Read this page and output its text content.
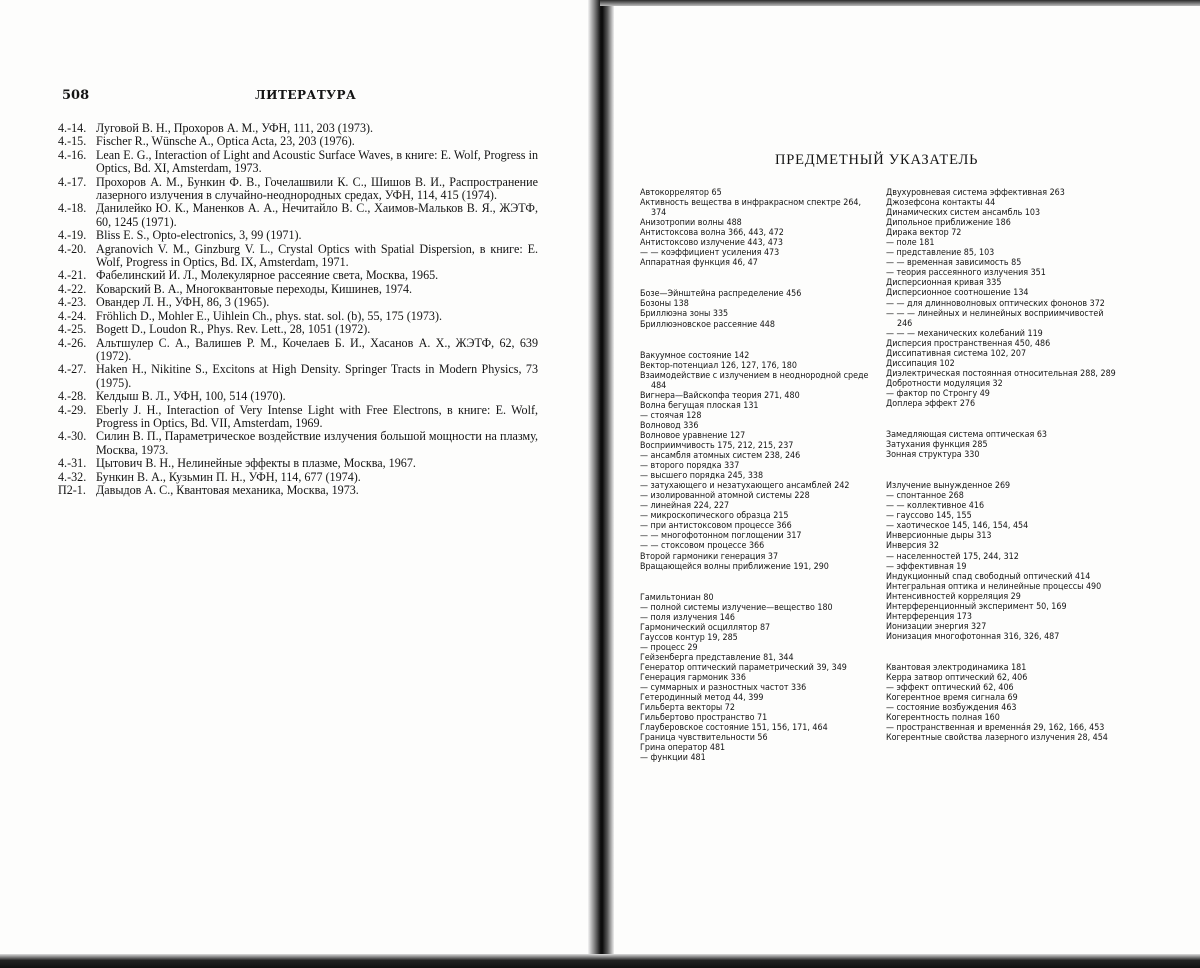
508	ЛИТЕРАТУРА
4.-14. Луговой В. Н., Прохоров А. М., УФН, 111, 203 (1973).
4.-15. Fischer R., Wünsche A., Optica Acta, 23, 203 (1976).
4.-16. Lean E. G., Interaction of Light and Acoustic Surface Waves, в книге: E. Wolf, Progress in Optics, Bd. XI, Amsterdam, 1973.
4.-17. Прохоров А. М., Бункин Ф. В., Гочелашвили К. С., Шишов В. И., Распространение лазерного излучения в случайно-неоднородных средах, УФН, 114, 415 (1974).
4.-18. Данилейко Ю. К., Маненков А. А., Нечитайло В. С., Хаимов-Мальков В. Я., ЖЭТФ, 60, 1245 (1971).
4.-19. Bliss E. S., Opto-electronics, 3, 99 (1971).
4.-20. Agranovich V. M., Ginzburg V. L., Crystal Optics with Spatial Dispersion, в книге: E. Wolf, Progress in Optics, Bd. IX, Amsterdam, 1971.
4.-21. Фабелинский И. Л., Молекулярное рассеяние света, Москва, 1965.
4.-22. Коварский В. А., Многоквантовые переходы, Кишинев, 1974.
4.-23. Овандер Л. Н., УФН, 86, 3 (1965).
4.-24. Fröhlich D., Mohler E., Uihlein Ch., phys. stat. sol. (b), 55, 175 (1973).
4.-25. Bogett D., Loudon R., Phys. Rev. Lett., 28, 1051 (1972).
4.-26. Альтшулер С. А., Валишев Р. М., Кочелаев Б. И., Хасанов А. Х., ЖЭТФ, 62, 639 (1972).
4.-27. Haken H., Nikitine S., Excitons at High Density. Springer Tracts in Modern Physics, 73 (1975).
4.-28. Келдыш В. Л., УФН, 100, 514 (1970).
4.-29. Eberly J. H., Interaction of Very Intense Light with Free Electrons, в книге: E. Wolf, Progress in Optics, Bd. VII, Amsterdam, 1969.
4.-30. Силин В. П., Параметрическое воздействие излучения большой мощности на плазму, Москва, 1973.
4.-31. Цытович В. Н., Нелинейные эффекты в плазме, Москва, 1967.
4.-32. Бункин В. А., Кузьмин П. Н., УФН, 114, 677 (1974).
П2-1. Давыдов А. С., Квантовая механика, Москва, 1973.
ПРЕДМЕТНЫЙ УКАЗАТЕЛЬ
Автокоррелятор 65
Активность вещества в инфракрасном спектре 264, 374
Анизотропии волны 488
Антистоксова волна 366, 443, 472
Антистоксово излучение 443, 473
— — коэффициент усиления 473
Аппаратная функция 46, 47
Бозе—Эйнштейна распределение 456
Бозоны 138
Бриллюэна зоны 335
Бриллюэновское рассеяние 448
Вакуумное состояние 142
Вектор-потенциал 126, 127, 176, 180
Взаимодействие с излучением в неоднородной среде 484
Вигнера—Вайскопфа теория 271, 480
Волна бегущая плоская 131
— стоячая 128
Волновод 336
Волновое уравнение 127
Восприимчивость 175, 212, 215, 237
— ансамбля атомных систем 238, 246
— второго порядка 337
— высшего порядка 245, 338
— затухающего и незатухающего ансамблей 242
— изолированной атомной системы 228
— линейная 224, 227
— микроскопического образца 215
— при антистоксовом процессе 366
— — многофотонном поглощении 317
— — стоксовом процессе 366
Второй гармоники генерация 37
Вращающейся волны приближение 191, 290
Гамильтониан 80
— полной системы излучение—вещество 180
— поля излучения 146
Гармонический осциллятор 87
Гауссов контур 19, 285
— процесс 29
Гейзенберга представление 81, 344
Генератор оптический параметрический 39, 349
Генерация гармоник 336
— суммарных и разностных частот 336
Гетеродинный метод 44, 399
Гильберта векторы 72
Гильбертово пространство 71
Глауберовское состояние 151, 156, 171, 464
Граница чувствительности 56
Грина оператор 481
— функции 481
Двухуровневая система эффективная 263
Джозефсона контакты 44
Динамических систем ансамбль 103
Дипольное приближение 186
Дирака вектор 72
— поле 181
— представление 85, 103
— — временная зависимость 85
— теория рассеянного излучения 351
Дисперсионная кривая 335
Дисперсионное соотношение 134
— — для длинноволновых оптических фононов 372
— — — линейных и нелинейных восприимчивостей 246
— — — механических колебаний 119
Дисперсия пространственная 450, 486
Диссипативная система 102, 207
Диссипация 102
Диэлектрическая постоянная относительная 288, 289
Добротности модуляция 32
— фактор по Стронгу 49
Доплера эффект 276
Замедляющая система оптическая 63
Затухания функция 285
Зонная структура 330
Излучение вынужденное 269
— спонтанное 268
— — коллективное 416
— гауссово 145, 155
— хаотическое 145, 146, 154, 454
Инверсионные дыры 313
Инверсия 32
— населенностей 175, 244, 312
— эффективная 19
Индукционный спад свободный оптический 414
Интегральная оптика и нелинейные процессы 490
Интенсивностей корреляция 29
Интерференционный эксперимент 50, 169
Интерференция 173
Ионизации энергия 327
Ионизация многофотонная 316, 326, 487
Квантовая электродинамика 181
Керра затвор оптический 62, 406
— эффект оптический 62, 406
Когерентное время сигнала 69
— состояние возбуждения 463
Когерентность полная 160
— пространственная и временна́я 29, 162, 166, 453
Когерентные свойства лазерного излучения 28, 454
